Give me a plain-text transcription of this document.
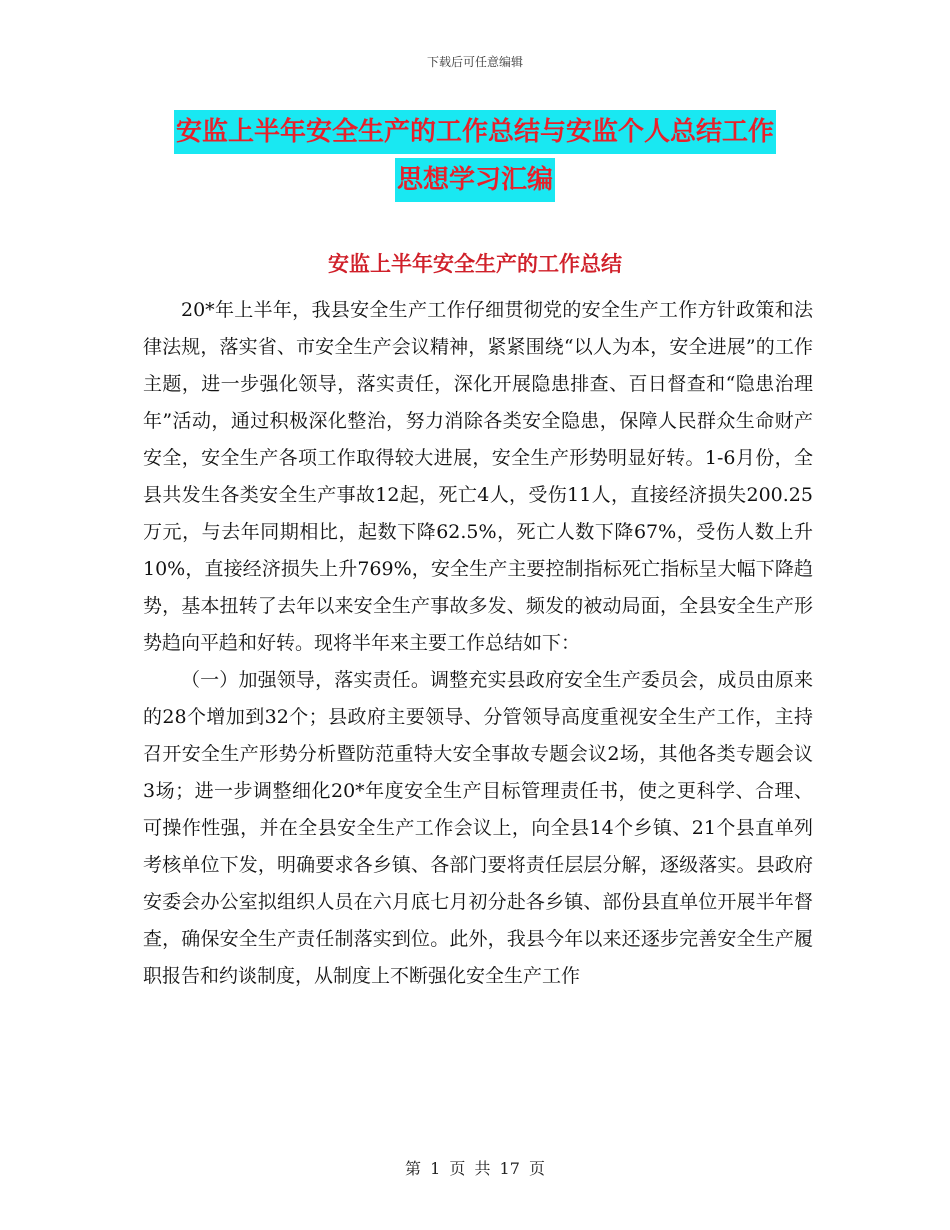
下载后可任意编辑
安监上半年安全生产的工作总结与安监个人总结工作
思想学习汇编
安监上半年安全生产的工作总结

20*年上半年，我县安全生产工作仔细贯彻党的安全生产工作方针政策和法律法规，落实省、市安全生产会议精神，紧紧围绕“以人为本，安全进展”的工作主题，进一步强化领导，落实责任，深化开展隐患排查、百日督查和“隐患治理年”活动，通过积极深化整治，努力消除各类安全隐患，保障人民群众生命财产安全，安全生产各项工作取得较大进展，安全生产形势明显好转。1-6月份，全县共发生各类安全生产事故12起，死亡4人，受伤11人，直接经济损失200.25万元，与去年同期相比，起数下降62.5%，死亡人数下降67%，受伤人数上升10%，直接经济损失上升769%，安全生产主要控制指标死亡指标呈大幅下降趋势，基本扭转了去年以来安全生产事故多发、频发的被动局面，全县安全生产形势趋向平趋和好转。现将半年来主要工作总结如下：

（一）加强领导，落实责任。调整充实县政府安全生产委员会，成员由原来的28个增加到32个；县政府主要领导、分管领导高度重视安全生产工作，主持召开安全生产形势分析暨防范重特大安全事故专题会议2场，其他各类专题会议3场；进一步调整细化20*年度安全生产目标管理责任书，使之更科学、合理、可操作性强，并在全县安全生产工作会议上，向全县14个乡镇、21个县直单列考核单位下发，明确要求各乡镇、各部门要将责任层层分解，逐级落实。县政府安委会办公室拟组织人员在六月底七月初分赴各乡镇、部份县直单位开展半年督查，确保安全生产责任制落实到位。此外，我县今年以来还逐步完善安全生产履职报告和约谈制度，从制度上不断强化安全生产工作

第 1 页 共 17 页
